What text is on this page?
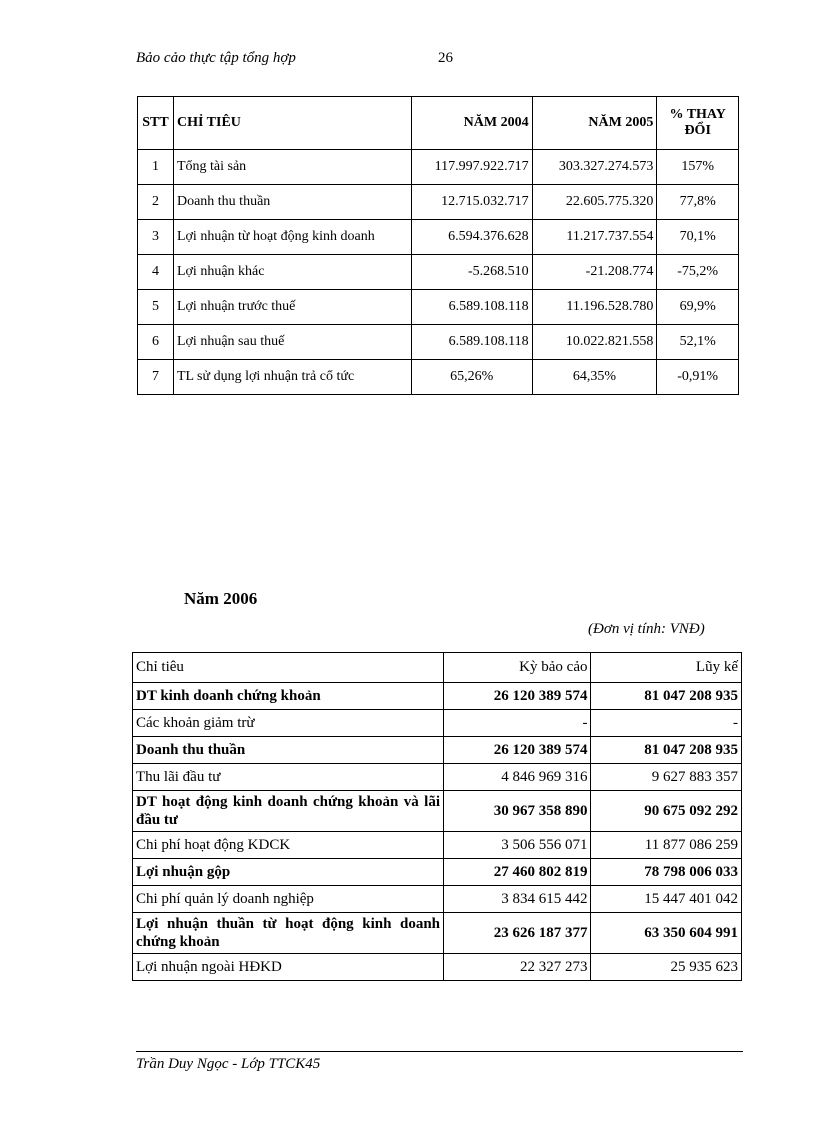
Bảo cảo thực tập tổng hợp	26
STT	CHỈ TIÊU	NĂM 2004	NĂM 2005	% THAY ĐỔI
1	Tổng tài sản	117.997.922.717	303.327.274.573	157%
2	Doanh thu thuần	12.715.032.717	22.605.775.320	77,8%
3	Lợi nhuận từ hoạt động kinh doanh	6.594.376.628	11.217.737.554	70,1%
4	Lợi nhuận khác	-5.268.510	-21.208.774	-75,2%
5	Lợi nhuận trước thuế	6.589.108.118	11.196.528.780	69,9%
6	Lợi nhuận sau thuế	6.589.108.118	10.022.821.558	52,1%
7	TL sử dụng lợi nhuận trả cổ tức	65,26%	64,35%	-0,91%
Năm 2006
(Đơn vị tính: VNĐ)
Chỉ tiêu	Kỳ bảo cảo	Lũy kế
DT kinh doanh chứng khoản	26 120 389 574	81 047 208 935
Các khoản giảm trừ	-	-
Doanh thu thuần	26 120 389 574	81 047 208 935
Thu lãi đầu tư	4 846 969 316	9 627 883 357
DT hoạt động kinh doanh chứng khoản và lãi đầu tư	30 967 358 890	90 675 092 292
Chi phí hoạt động KDCK	3 506 556 071	11 877 086 259
Lợi nhuận gộp	27 460 802 819	78 798 006 033
Chi phí quản lý doanh nghiệp	3 834 615 442	15 447 401 042
Lợi nhuận thuần từ hoạt động kinh doanh chứng khoản	23 626 187 377	63 350 604 991
Lợi nhuận ngoài HĐKD	22 327 273	25 935 623
Trần Duy Ngọc - Lớp TTCK45
